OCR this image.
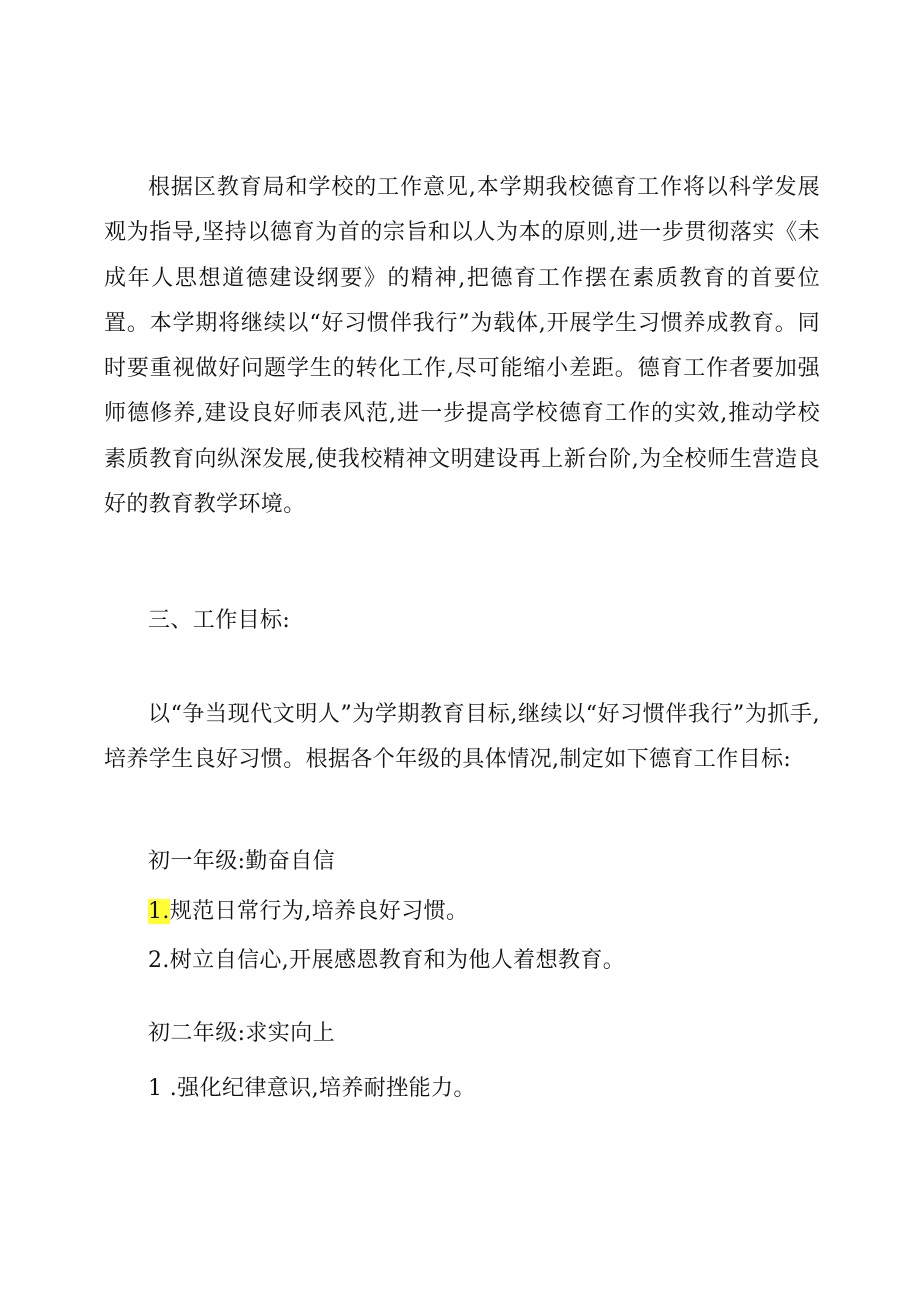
根据区教育局和学校的工作意见,本学期我校德育工作将以科学发展观为指导,坚持以德育为首的宗旨和以人为本的原则,进一步贯彻落实《未成年人思想道德建设纲要》的精神,把德育工作摆在素质教育的首要位置。本学期将继续以“好习惯伴我行”为载体,开展学生习惯养成教育。同时要重视做好问题学生的转化工作,尽可能缩小差距。德育工作者要加强师德修养,建设良好师表风范,进一步提高学校德育工作的实效,推动学校素质教育向纵深发展,使我校精神文明建设再上新台阶,为全校师生营造良好的教育教学环境。

三、工作目标:

以“争当现代文明人”为学期教育目标,继续以“好习惯伴我行”为抓手,培养学生良好习惯。根据各个年级的具体情况,制定如下德育工作目标:

初一年级:勤奋自信

1.规范日常行为,培养良好习惯。

2.树立自信心,开展感恩教育和为他人着想教育。

初二年级:求实向上

1 .强化纪律意识,培养耐挫能力。
